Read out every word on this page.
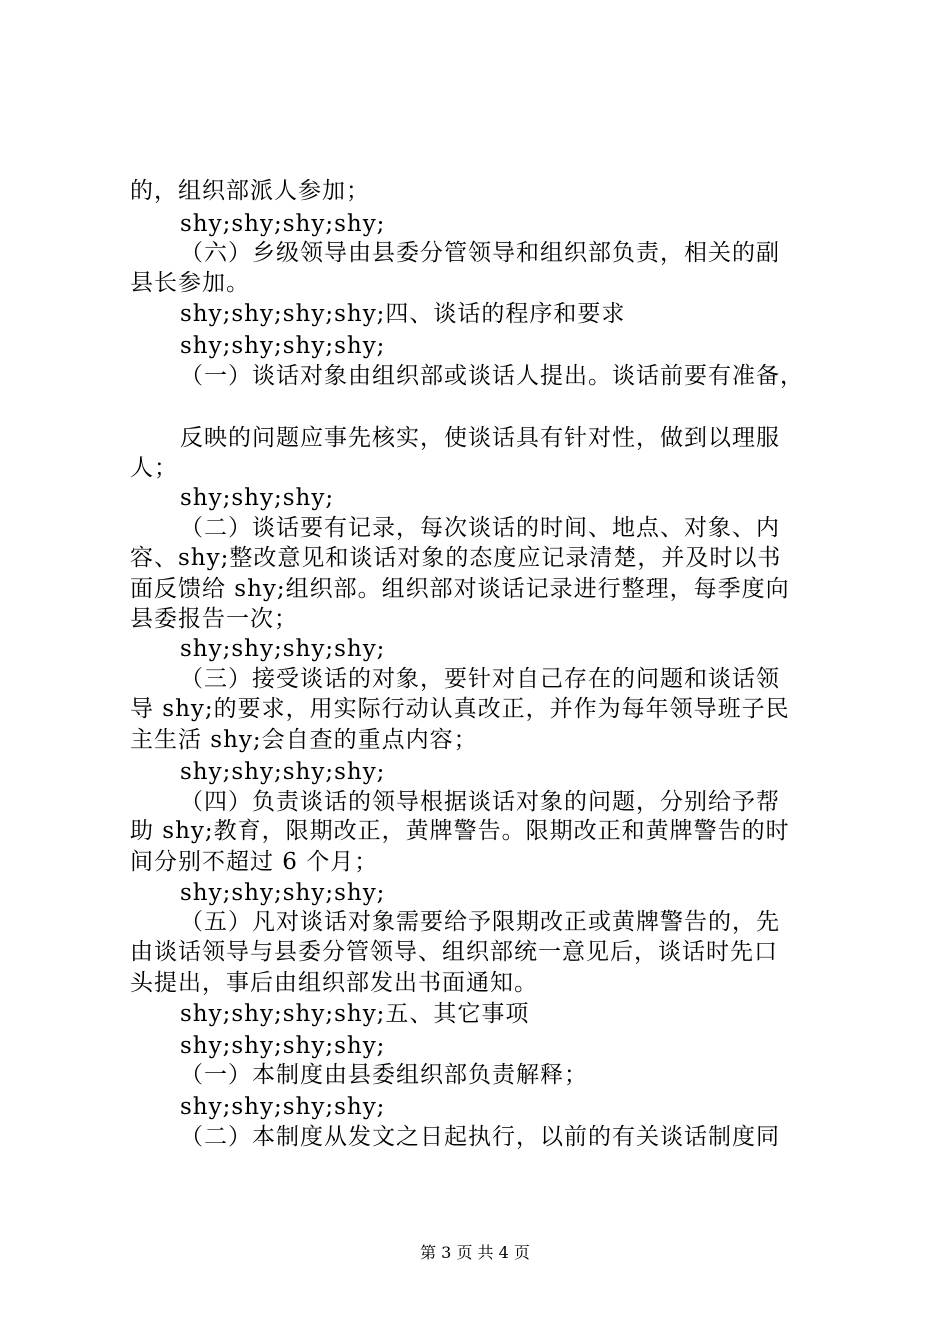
的，组织部派人参加；
shy;shy;shy;shy;
（六）乡级领导由县委分管领导和组织部负责，相关的副
县长参加。
shy;shy;shy;shy;四、谈话的程序和要求
shy;shy;shy;shy;
（一）谈话对象由组织部或谈话人提出。谈话前要有准备，
反映的问题应事先核实，使谈话具有针对性，做到以理服
人；
shy;shy;shy;
（二）谈话要有记录，每次谈话的时间、地点、对象、内
容、shy;整改意见和谈话对象的态度应记录清楚，并及时以书
面反馈给 shy;组织部。组织部对谈话记录进行整理，每季度向
县委报告一次；
shy;shy;shy;shy;
（三）接受谈话的对象，要针对自己存在的问题和谈话领
导 shy;的要求，用实际行动认真改正，并作为每年领导班子民
主生活 shy;会自查的重点内容；
shy;shy;shy;shy;
（四）负责谈话的领导根据谈话对象的问题，分别给予帮
助 shy;教育，限期改正，黄牌警告。限期改正和黄牌警告的时
间分别不超过 6 个月；
shy;shy;shy;shy;
（五）凡对谈话对象需要给予限期改正或黄牌警告的，先
由谈话领导与县委分管领导、组织部统一意见后，谈话时先口
头提出，事后由组织部发出书面通知。
shy;shy;shy;shy;五、其它事项
shy;shy;shy;shy;
（一）本制度由县委组织部负责解释；
shy;shy;shy;shy;
（二）本制度从发文之日起执行，以前的有关谈话制度同
第 3 页 共 4 页
